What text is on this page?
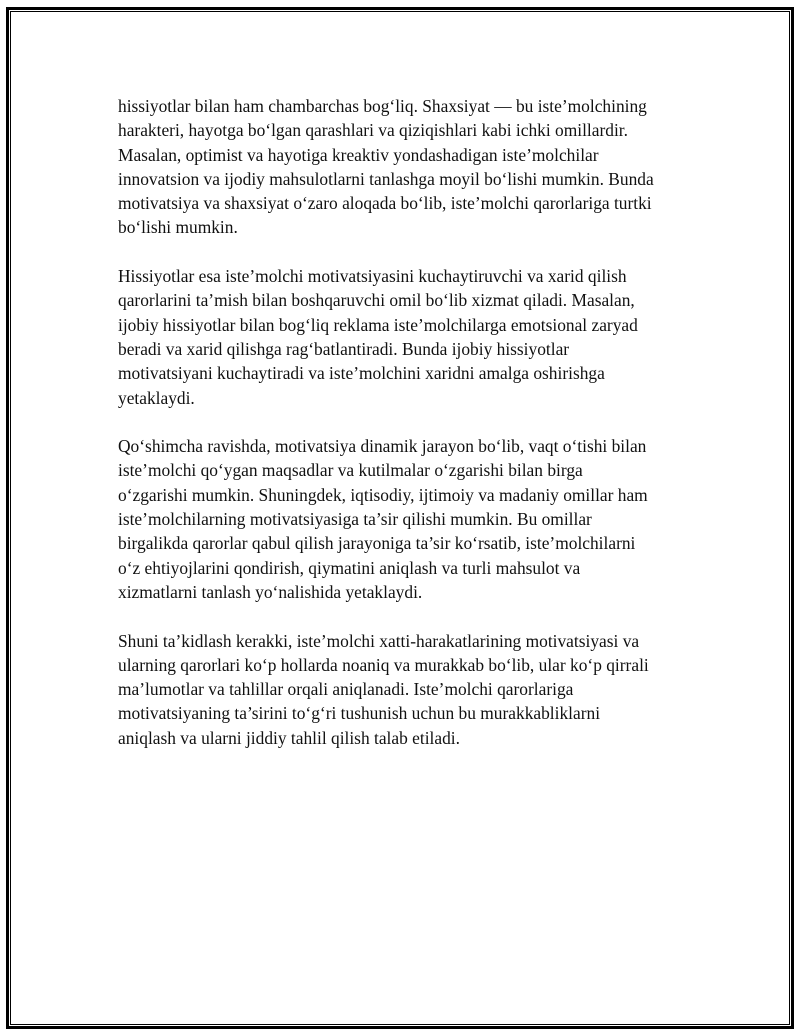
hissiyotlar bilan ham chambarchas bog‘liq. Shaxsiyat — bu iste’molchining
harakteri, hayotga bo‘lgan qarashlari va qiziqishlari kabi ichki omillardir.
Masalan, optimist va hayotiga kreaktiv yondashadigan iste’molchilar
innovatsion va ijodiy mahsulotlarni tanlashga moyil bo‘lishi mumkin. Bunda
motivatsiya va shaxsiyat o‘zaro aloqada bo‘lib, iste’molchi qarorlariga turtki
bo‘lishi mumkin.

Hissiyotlar esa iste’molchi motivatsiyasini kuchaytiruvchi va xarid qilish
qarorlarini ta’mish bilan boshqaruvchi omil bo‘lib xizmat qiladi. Masalan,
ijobiy hissiyotlar bilan bog‘liq reklama iste’molchilarga emotsional zaryad
beradi va xarid qilishga rag‘batlantiradi. Bunda ijobiy hissiyotlar
motivatsiyani kuchaytiradi va iste’molchini xaridni amalga oshirishga
yetaklaydi.

Qo‘shimcha ravishda, motivatsiya dinamik jarayon bo‘lib, vaqt o‘tishi bilan
iste’molchi qo‘ygan maqsadlar va kutilmalar o‘zgarishi bilan birga
o‘zgarishi mumkin. Shuningdek, iqtisodiy, ijtimoiy va madaniy omillar ham
iste’molchilarning motivatsiyasiga ta’sir qilishi mumkin. Bu omillar
birgalikda qarorlar qabul qilish jarayoniga ta’sir ko‘rsatib, iste’molchilarni
o‘z ehtiyojlarini qondirish, qiymatini aniqlash va turli mahsulot va
xizmatlarni tanlash yo‘nalishida yetaklaydi.

Shuni ta’kidlash kerakki, iste’molchi xatti-harakatlarining motivatsiyasi va
ularning qarorlari ko‘p hollarda noaniq va murakkab bo‘lib, ular ko‘p qirrali
ma’lumotlar va tahlillar orqali aniqlanadi. Iste’molchi qarorlariga
motivatsiyaning ta’sirini to‘g‘ri tushunish uchun bu murakkabliklarni
aniqlash va ularni jiddiy tahlil qilish talab etiladi.
